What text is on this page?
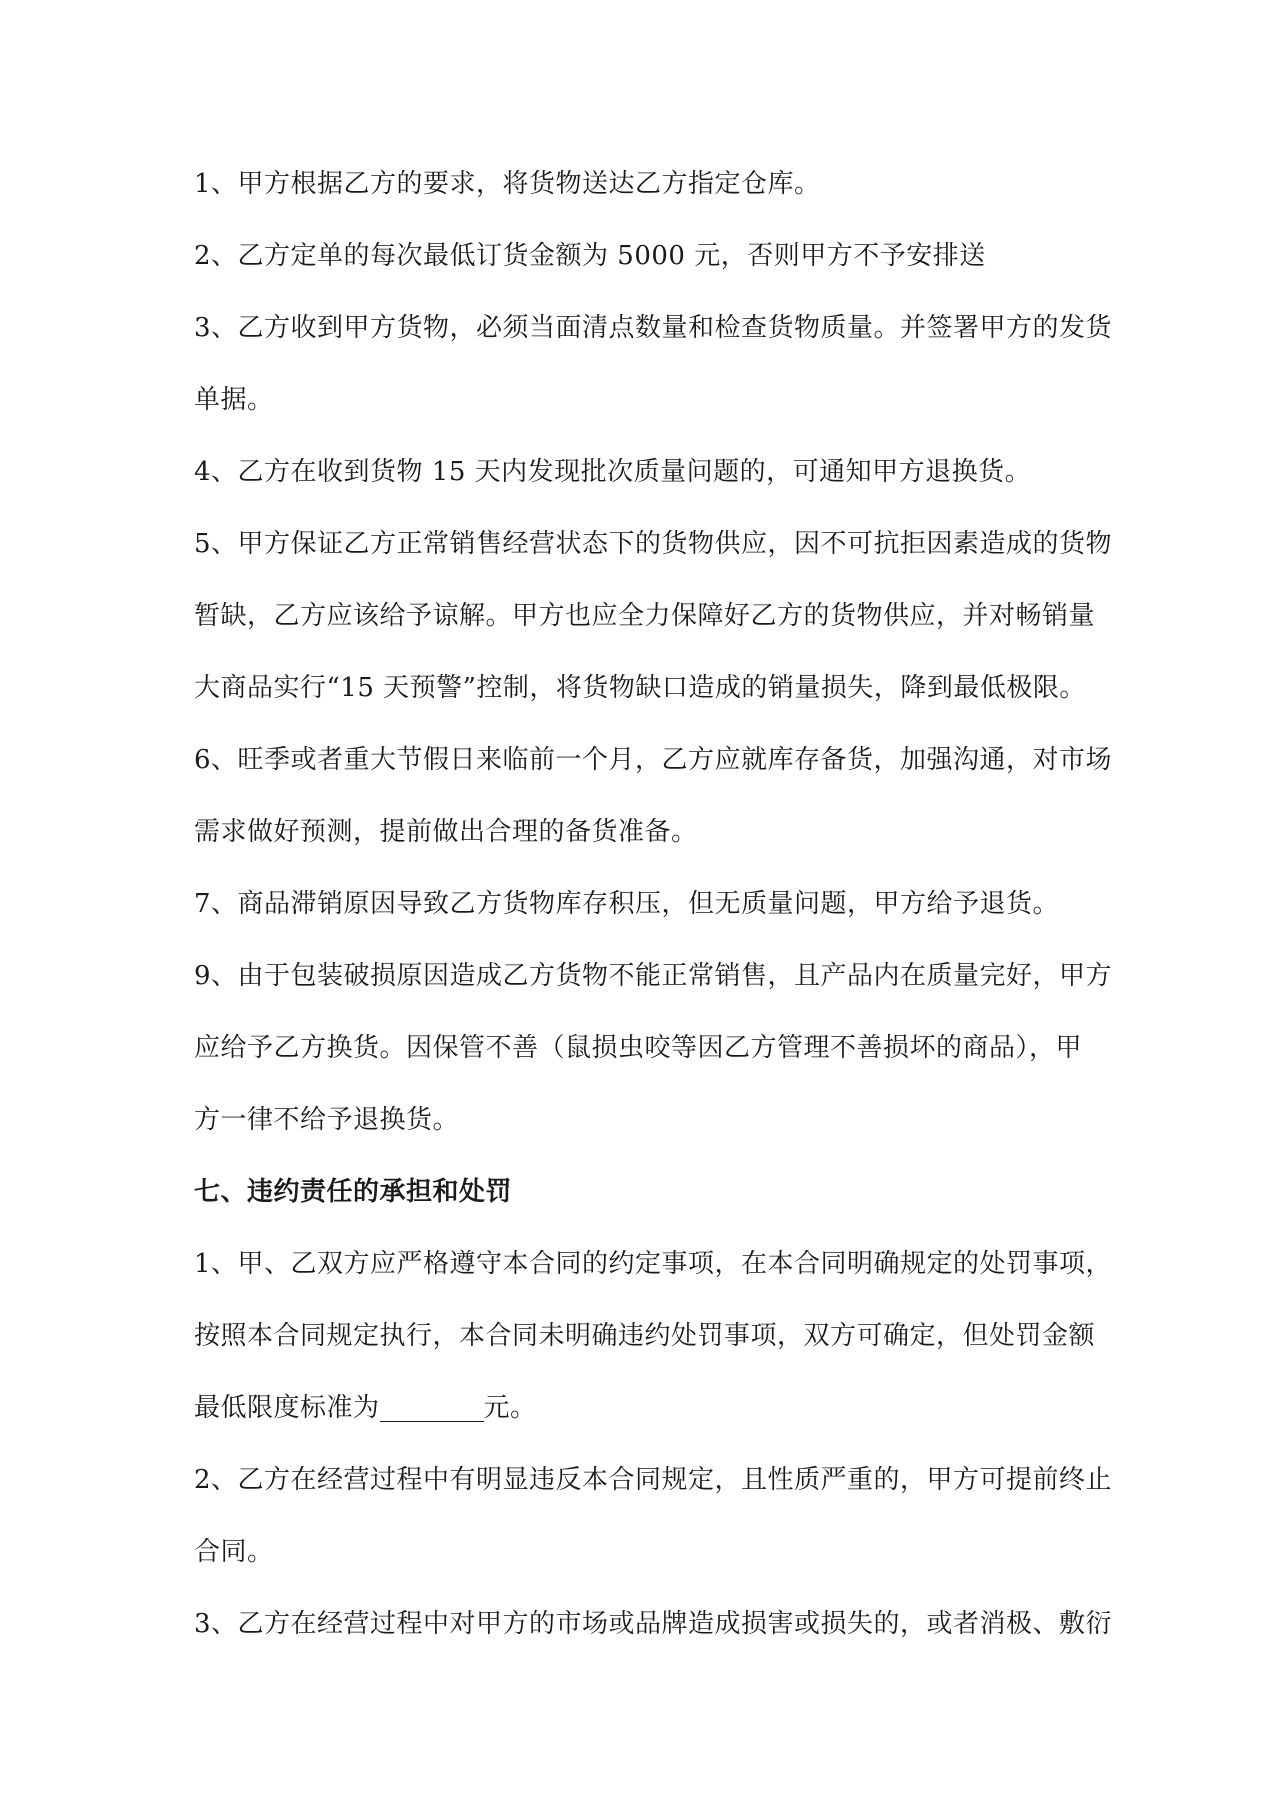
1、甲方根据乙方的要求，将货物送达乙方指定仓库。
2、乙方定单的每次最低订货金额为 5000 元，否则甲方不予安排送
3、乙方收到甲方货物，必须当面清点数量和检查货物质量。并签署甲方的发货
单据。
4、乙方在收到货物 15 天内发现批次质量问题的，可通知甲方退换货。
5、甲方保证乙方正常销售经营状态下的货物供应，因不可抗拒因素造成的货物
暂缺，乙方应该给予谅解。甲方也应全力保障好乙方的货物供应，并对畅销量
大商品实行“15 天预警”控制，将货物缺口造成的销量损失，降到最低极限。
6、旺季或者重大节假日来临前一个月，乙方应就库存备货，加强沟通，对市场
需求做好预测，提前做出合理的备货准备。
7、商品滞销原因导致乙方货物库存积压，但无质量问题，甲方给予退货。
9、由于包装破损原因造成乙方货物不能正常销售，且产品内在质量完好，甲方
应给予乙方换货。因保管不善（鼠损虫咬等因乙方管理不善损坏的商品），甲
方一律不给予退换货。
七、违约责任的承担和处罚
1、甲、乙双方应严格遵守本合同的约定事项，在本合同明确规定的处罚事项，
按照本合同规定执行，本合同未明确违约处罚事项，双方可确定，但处罚金额
最低限度标准为	元。
2、乙方在经营过程中有明显违反本合同规定，且性质严重的，甲方可提前终止
合同。
3、乙方在经营过程中对甲方的市场或品牌造成损害或损失的，或者消极、敷衍
